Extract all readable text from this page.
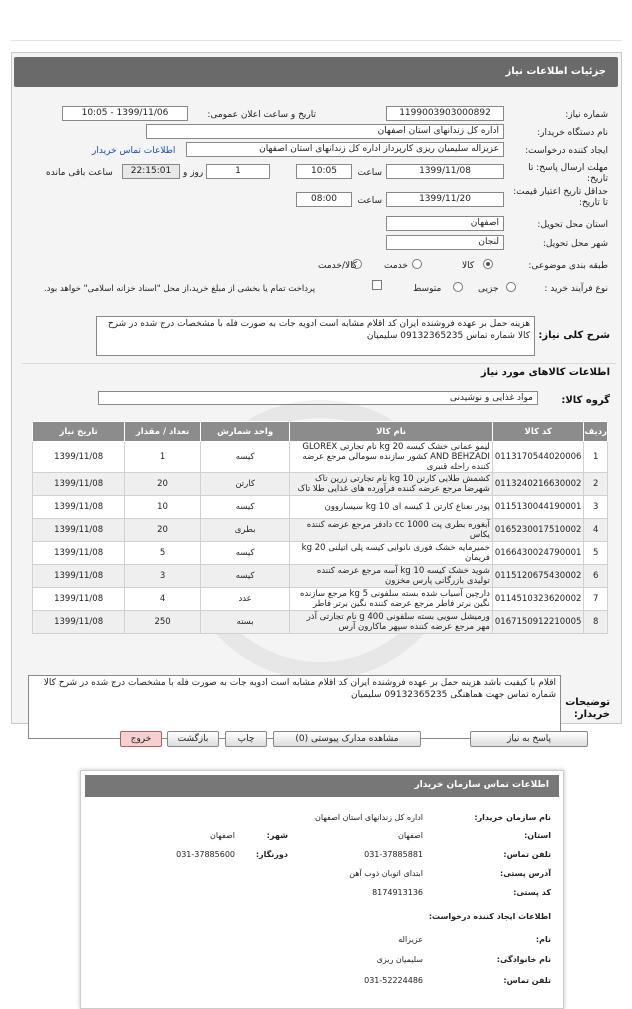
جزئیات اطلاعات نیاز
شماره نیاز:
1199003903000892
تاریخ و ساعت اعلان عمومی:
1399/11/06 - 10:05
نام دستگاه خریدار:
اداره کل زندانهای استان اصفهان
ایجاد کننده درخواست:
عزیزاله سلیمیان ریزی کارپرداز اداره کل زندانهای استان اصفهان
اطلاعات تماس خریدار
مهلت ارسال پاسخ: تا تاریخ:
1399/11/08
ساعت
10:05
1
روز و
22:15:01
ساعت باقی مانده
حداقل تاریخ اعتبار قیمت: تا تاریخ:
1399/11/20
ساعت
08:00
استان محل تحویل:
اصفهان
شهر محل تحویل:
لنجان
طبقه بندی موضوعی:
کالا
خدمت
کالا/خدمت
نوع فرآیند خرید :
جزیی
متوسط
پرداخت تمام یا بخشی از مبلغ خرید،از محل "اسناد خزانه اسلامی" خواهد بود.
شرح کلی نیاز:
هزینه حمل بر عهده فروشنده ایران کد اقلام مشابه است ادویه جات به صورت فله با مشخصات درج شده در شرح کالا شماره تماس 09132365235 سلیمیان
اطلاعات کالاهای مورد نیاز
گروه کالا:
مواد غذایی و نوشیدنی
ردیف	کد کالا	نام کالا	واحد شمارش	تعداد / مقدار	تاریخ نیاز
1	0113170544020006	لیمو عمانی خشک کیسه 20 kg نام تجارتی GLOREX AND BEHZADI کشور سازنده سومالی مرجع عرضه کننده راحله قنبری	کیسه	1	1399/11/08
2	0113240216630002	کشمش طلایی کارتن 10 kg نام تجارتی زرین تاک شهرضا مرجع عرضه کننده فرآورده های غذایی طلا تاک	کارتن	20	1399/11/08
3	0115130044190001	پودر نعناع کارتن 1 کیسه ای 10 kg سیساروون	کیسه	10	1399/11/08
4	0165230017510002	آبغوره بطری پت 1000 cc دادفر مرجع عرضه کننده یکاس	بطری	20	1399/11/08
5	0166430024790001	خمیرمایه خشک فوری نانوایی کیسه پلی اتیلنی 20 kg فریمان	کیسه	5	1399/11/08
6	0115120675430002	شوید خشک کیسه 10 kg آسه مرجع عرضه کننده تولیدی بازرگانی پارس مخزون	کیسه	3	1399/11/08
7	0114510323620002	دارچین آسیاب شده بسته سلفونی 5 kg مرجع سازنده نگین برتر فاطر مرجع عرضه کننده نگین برتر فاطر	عدد	4	1399/11/08
8	0167150912210005	ورمیشل سویی بسته سلفونی 400 g نام تجارتی آذر مهر مرجع عرضه کننده سپهر ماکارون آرس	بسته	250	1399/11/08
توضیحات خریدار:
اقلام با کیفیت باشد هزینه حمل بر عهده فروشنده ایران کد اقلام مشابه است ادویه جات به صورت فله با مشخصات درج شده در شرح کالا شماره تماس جهت هماهنگی 09132365235 سلیمیان
پاسخ به نیاز
مشاهده مدارک پیوستی (0)
چاپ
بازگشت
خروج
اطلاعات تماس سازمان خریدار
نام سازمان خریدار:
اداره کل زندانهای استان اصفهان
استان:
اصفهان
شهر:
اصفهان
تلفن تماس:
031-37885881
دورنگار:
031-37885600
آدرس پستی:
ابتدای اتوبان ذوب آهن
کد پستی:
8174913136
اطلاعات ایجاد کننده درخواست:
نام:
عزیزاله
نام خانوادگی:
سلیمیان ریزی
تلفن تماس:
031-52224486
